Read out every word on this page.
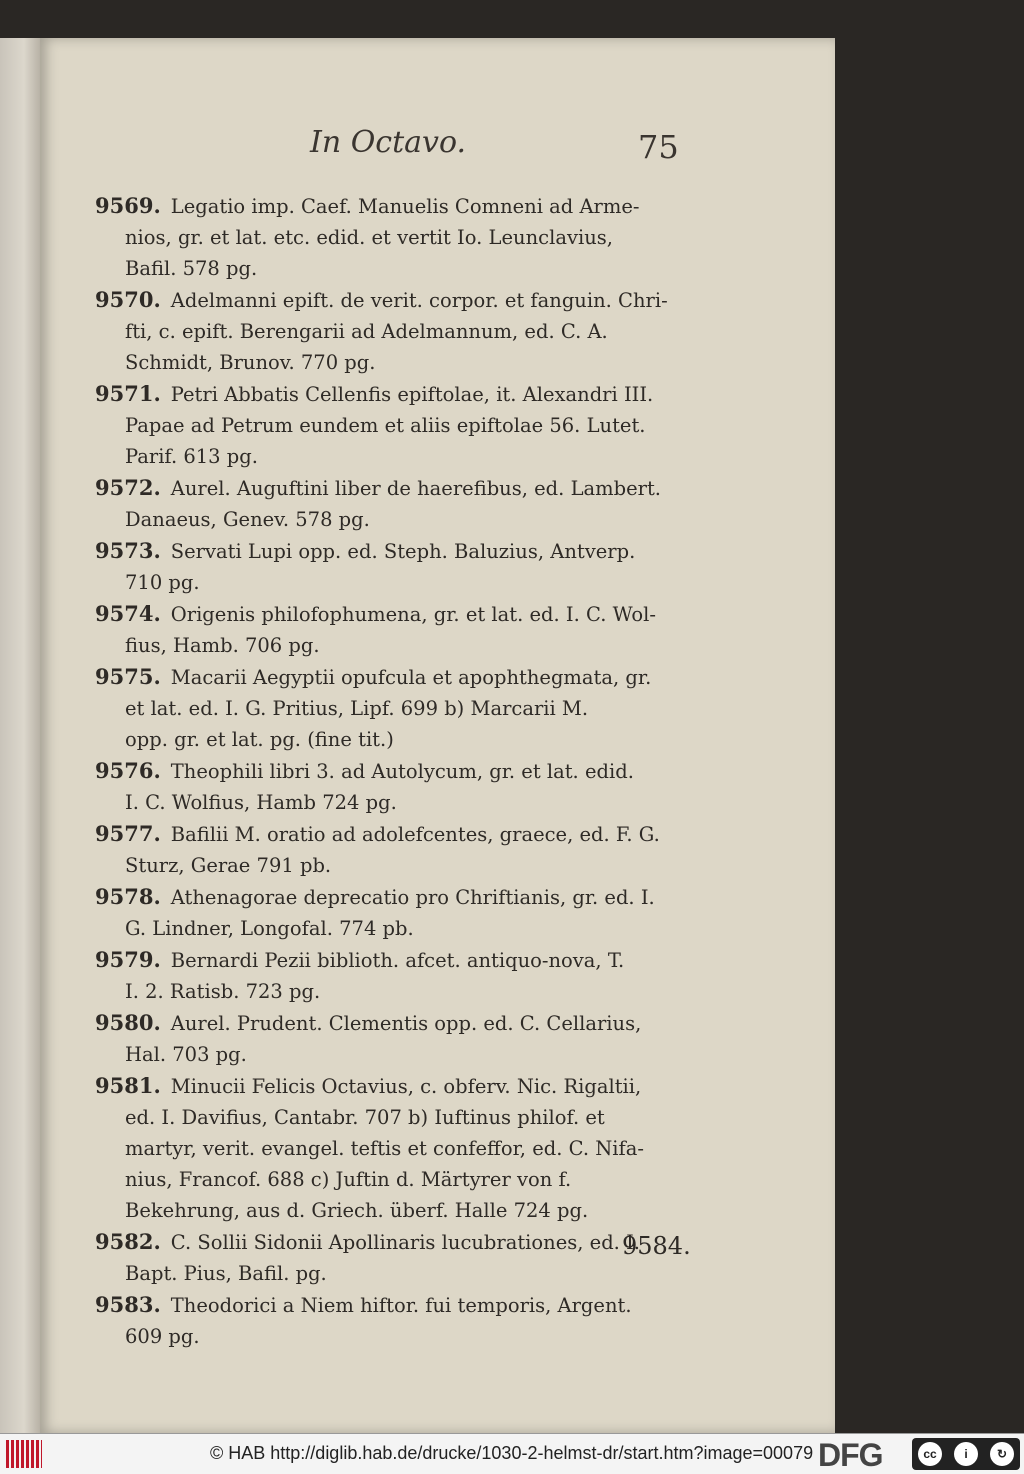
In Octavo.	75
9569. Legatio imp. Caef. Manuelis Comneni ad Arme-
nios, gr. et lat. etc. edid. et vertit Io. Leunclavius,
Bafil. 578 pg.
9570. Adelmanni epift. de verit. corpor. et fanguin. Chri-
fti, c. epift. Berengarii ad Adelmannum, ed. C. A.
Schmidt, Brunov. 770 pg.
9571. Petri Abbatis Cellenfis epiftolae, it. Alexandri III.
Papae ad Petrum eundem et aliis epiftolae 56. Lutet.
Parif. 613 pg.
9572. Aurel. Auguftini liber de haerefibus, ed. Lambert.
Danaeus, Genev. 578 pg.
9573. Servati Lupi opp. ed. Steph. Baluzius, Antverp.
710 pg.
9574. Origenis philofophumena, gr. et lat. ed. I. C. Wol-
fius, Hamb. 706 pg.
9575. Macarii Aegyptii opufcula et apophthegmata, gr.
et lat. ed. I. G. Pritius, Lipf. 699 b) Marcarii M.
opp. gr. et lat. pg. (fine tit.)
9576. Theophili libri 3. ad Autolycum, gr. et lat. edid.
I. C. Wolfius, Hamb 724 pg.
9577. Bafilii M. oratio ad adolefcentes, graece, ed. F. G.
Sturz, Gerae 791 pb.
9578. Athenagorae deprecatio pro Chriftianis, gr. ed. I.
G. Lindner, Longofal. 774 pb.
9579. Bernardi Pezii biblioth. afcet. antiquo-nova, T.
I. 2. Ratisb. 723 pg.
9580. Aurel. Prudent. Clementis opp. ed. C. Cellarius,
Hal. 703 pg.
9581. Minucii Felicis Octavius, c. obferv. Nic. Rigaltii,
ed. I. Davifius, Cantabr. 707 b) Iuftinus philof. et
martyr, verit. evangel. teftis et confeffor, ed. C. Nifa-
nius, Francof. 688 c) Juftin d. Märtyrer von f.
Bekehrung, aus d. Griech. überf. Halle 724 pg.
9582. C. Sollii Sidonii Apollinaris lucubrationes, ed. I.
Bapt. Pius, Bafil. pg.
9583. Theodorici a Niem hiftor. fui temporis, Argent.
609 pg.
9584.
© HAB http://diglib.hab.de/drucke/1030-2-helmst-dr/start.htm?image=00079 DFG	cc	i	↻
